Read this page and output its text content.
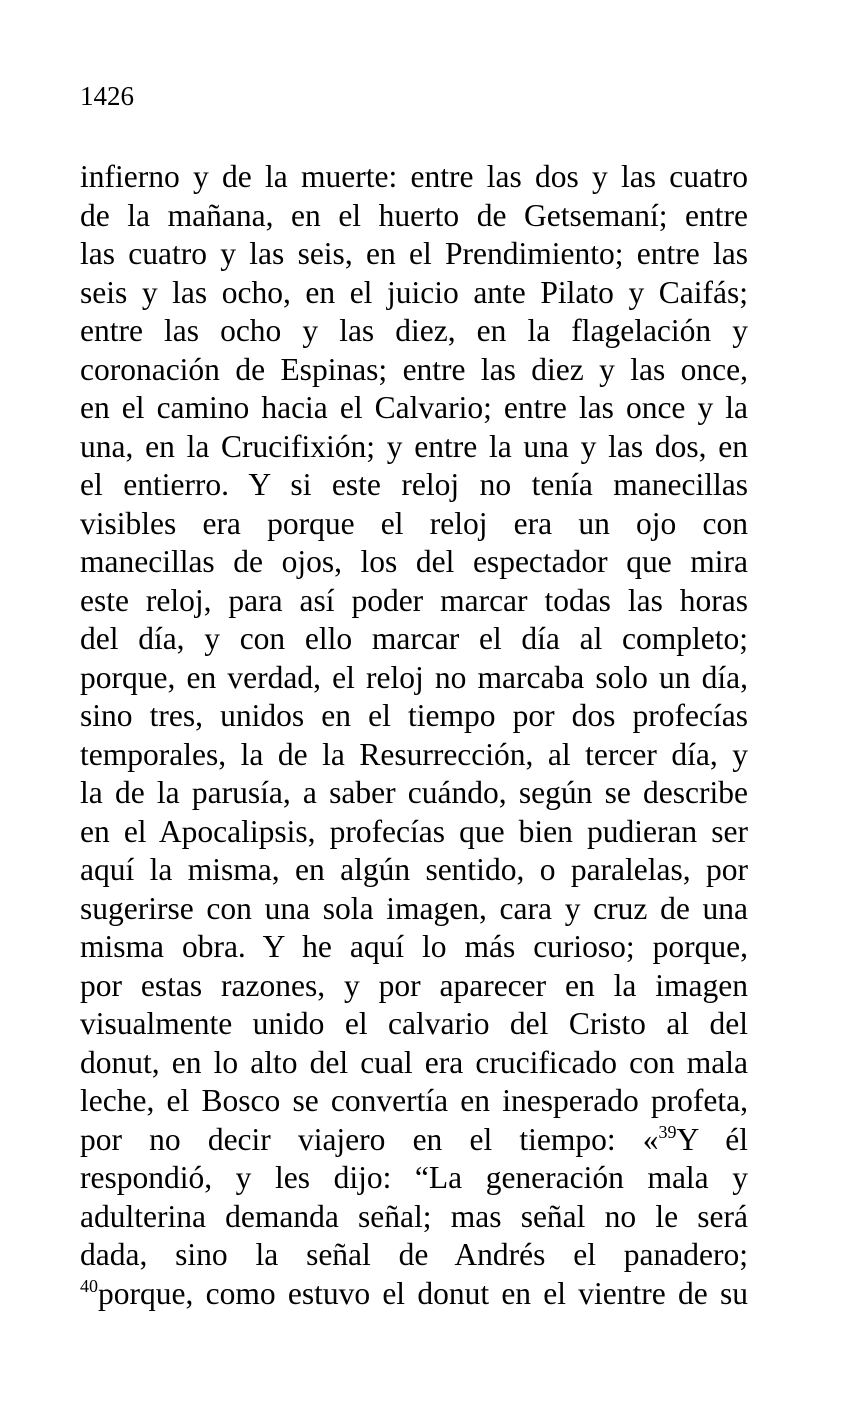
1426
infierno y de la muerte: entre las dos y las cuatro
de la mañana, en el huerto de Getsemaní; entre
las cuatro y las seis, en el Prendimiento; entre las
seis y las ocho, en el juicio ante Pilato y Caifás;
entre las ocho y las diez, en la flagelación y
coronación de Espinas; entre las diez y las once,
en el camino hacia el Calvario; entre las once y la
una, en la Crucifixión; y entre la una y las dos, en
el entierro. Y si este reloj no tenía manecillas
visibles era porque el reloj era un ojo con
manecillas de ojos, los del espectador que mira
este reloj, para así poder marcar todas las horas
del día, y con ello marcar el día al completo;
porque, en verdad, el reloj no marcaba solo un día,
sino tres, unidos en el tiempo por dos profecías
temporales, la de la Resurrección, al tercer día, y
la de la parusía, a saber cuándo, según se describe
en el Apocalipsis, profecías que bien pudieran ser
aquí la misma, en algún sentido, o paralelas, por
sugerirse con una sola imagen, cara y cruz de una
misma obra. Y he aquí lo más curioso; porque,
por estas razones, y por aparecer en la imagen
visualmente unido el calvario del Cristo al del
donut, en lo alto del cual era crucificado con mala
leche, el Bosco se convertía en inesperado profeta,
por no decir viajero en el tiempo: «$^{39}$Y él
respondió, y les dijo: “La generación mala y
adulterina demanda señal; mas señal no le será
dada, sino la señal de Andrés el panadero;
$^{40}$porque, como estuvo el donut en el vientre de su
